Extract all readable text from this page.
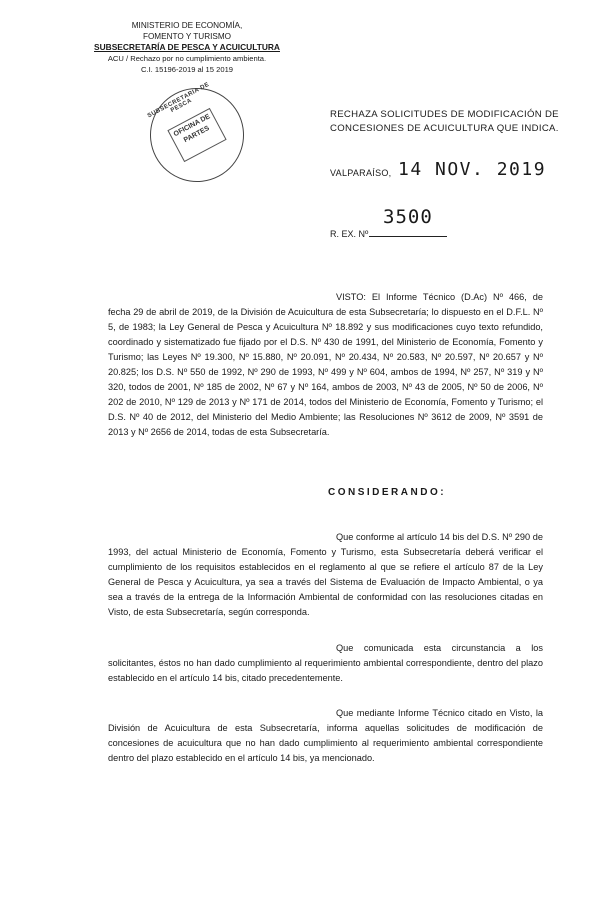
MINISTERIO DE ECONOMÍA,
FOMENTO Y TURISMO
SUBSECRETARÍA DE PESCA Y ACUICULTURA
ACU / Rechazo por no cumplimiento ambienta.
C.I. 15196-2019 al 15 2019
SUBSECRETARIA DE PESCA
OFICINA DE PARTES
RECHAZA SOLICITUDES DE MODIFICACIÓN DE CONCESIONES DE ACUICULTURA QUE INDICA.
VALPARAÍSO, 14 NOV. 2019
3500
R. EX. Nº

VISTO: El Informe Técnico (D.Ac) Nº 466, de fecha 29 de abril de 2019, de la División de Acuicultura de esta Subsecretaría; lo dispuesto en el D.F.L. Nº 5, de 1983; la Ley General de Pesca y Acuicultura Nº 18.892 y sus modificaciones cuyo texto refundido, coordinado y sistematizado fue fijado por el D.S. Nº 430 de 1991, del Ministerio de Economía, Fomento y Turismo; las Leyes Nº 19.300, Nº 15.880, Nº 20.091, Nº 20.434, Nº 20.583, Nº 20.597, Nº 20.657 y Nº 20.825; los D.S. Nº 550 de 1992, Nº 290 de 1993, Nº 499 y Nº 604, ambos de 1994, Nº 257, Nº 319 y Nº 320, todos de 2001, Nº 185 de 2002, Nº 67 y Nº 164, ambos de 2003, Nº 43 de 2005, Nº 50 de 2006, Nº 202 de 2010, Nº 129 de 2013 y Nº 171 de 2014, todos del Ministerio de Economía, Fomento y Turismo; el D.S. Nº 40 de 2012, del Ministerio del Medio Ambiente; las Resoluciones Nº 3612 de 2009, Nº 3591 de 2013 y Nº 2656 de 2014, todas de esta Subsecretaría.

CONSIDERANDO:

Que conforme al artículo 14 bis del D.S. Nº 290 de 1993, del actual Ministerio de Economía, Fomento y Turismo, esta Subsecretaría deberá verificar el cumplimiento de los requisitos establecidos en el reglamento al que se refiere el artículo 87 de la Ley General de Pesca y Acuicultura, ya sea a través del Sistema de Evaluación de Impacto Ambiental, o ya sea a través de la entrega de la Información Ambiental de conformidad con las resoluciones citadas en Visto, de esta Subsecretaría, según corresponda.

Que comunicada esta circunstancia a los solicitantes, éstos no han dado cumplimiento al requerimiento ambiental correspondiente, dentro del plazo establecido en el artículo 14 bis, citado precedentemente.

Que mediante Informe Técnico citado en Visto, la División de Acuicultura de esta Subsecretaría, informa aquellas solicitudes de modificación de concesiones de acuicultura que no han dado cumplimiento al requerimiento ambiental correspondiente dentro del plazo establecido en el artículo 14 bis, ya mencionado.
